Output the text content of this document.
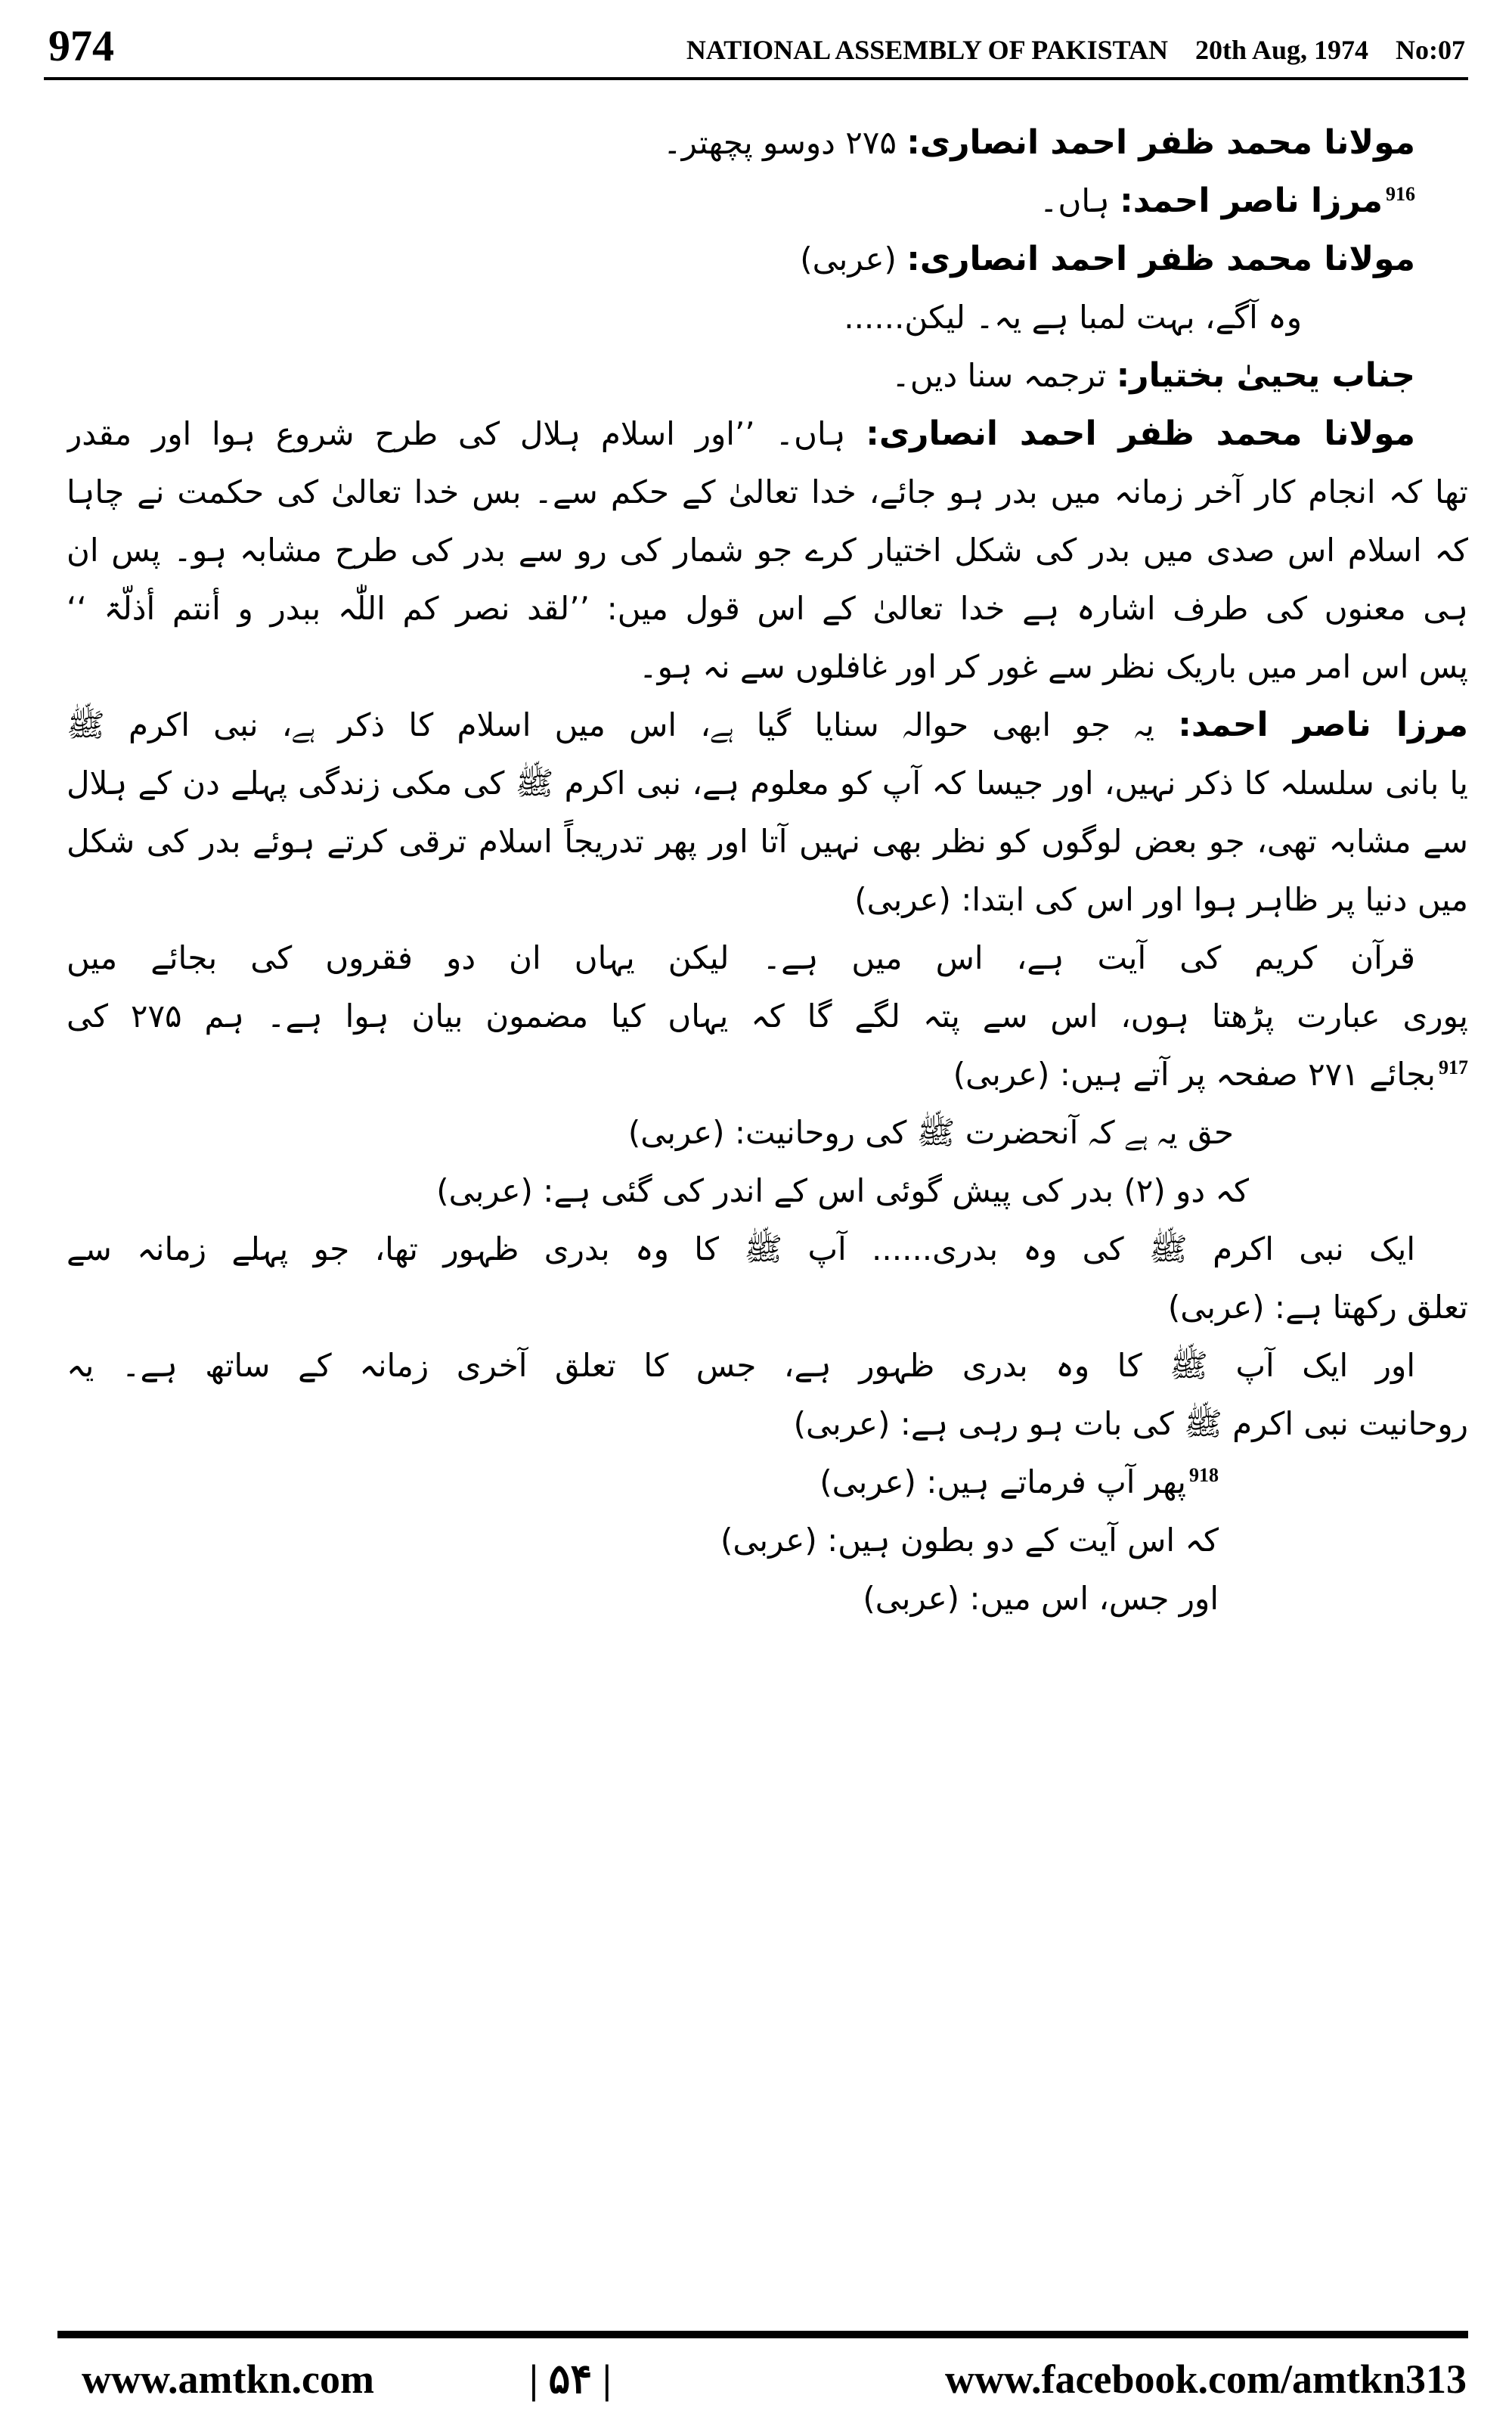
974	NATIONAL ASSEMBLY OF PAKISTAN 20th Aug, 1974 No:07
مولانا محمد ظفر احمد انصاری: ۲۷۵ دوسو پچھتر۔
$^{916}$مرزا ناصر احمد: ہاں۔
مولانا محمد ظفر احمد انصاری: (عربی)
وہ آگے، بہت لمبا ہے یہ۔ لیکن......
جناب یحییٰ بختیار: ترجمہ سنا دیں۔
مولانا محمد ظفر احمد انصاری: ہاں۔ ’’اور اسلام ہلال کی طرح شروع ہوا اور مقدر
تھا کہ انجام کار آخر زمانہ میں بدر ہو جائے، خدا تعالیٰ کے حکم سے۔ بس خدا تعالیٰ کی حکمت نے چاہا
کہ اسلام اس صدی میں بدر کی شکل اختیار کرے جو شمار کی رو سے بدر کی طرح مشابہ ہو۔ پس ان
ہی معنوں کی طرف اشارہ ہے خدا تعالیٰ کے اس قول میں: ’’لقد نصر کم اللّٰہ ببدر و أنتم أذلّۃ ‘‘
پس اس امر میں باریک نظر سے غور کر اور غافلوں سے نہ ہو۔
مرزا ناصر احمد: یہ جو ابھی حوالہ سنایا گیا ہے، اس میں اسلام کا ذکر ہے، نبی اکرم ﷺ
یا بانی سلسلہ کا ذکر نہیں، اور جیسا کہ آپ کو معلوم ہے، نبی اکرم ﷺ کی مکی زندگی پہلے دن کے ہلال
سے مشابہ تھی، جو بعض لوگوں کو نظر بھی نہیں آتا اور پھر تدریجاً اسلام ترقی کرتے ہوئے بدر کی شکل
میں دنیا پر ظاہر ہوا اور اس کی ابتدا: (عربی)
قرآن کریم کی آیت ہے، اس میں ہے۔ لیکن یہاں ان دو فقروں کی بجائے میں
پوری عبارت پڑھتا ہوں، اس سے پتہ لگے گا کہ یہاں کیا مضمون بیان ہوا ہے۔ ہم ۲۷۵ کی
$^{917}$بجائے ۲۷۱ صفحہ پر آتے ہیں: (عربی)
حق یہ ہے کہ آنحضرت ﷺ کی روحانیت: (عربی)
کہ دو (۲) بدر کی پیش گوئی اس کے اندر کی گئی ہے: (عربی)
ایک نبی اکرم ﷺ کی وہ بدری...... آپ ﷺ کا وہ بدری ظہور تھا، جو پہلے زمانہ سے
تعلق رکھتا ہے: (عربی)
اور ایک آپ ﷺ کا وہ بدری ظہور ہے، جس کا تعلق آخری زمانہ کے ساتھ ہے۔ یہ
روحانیت نبی اکرم ﷺ کی بات ہو رہی ہے: (عربی)
$^{918}$پھر آپ فرماتے ہیں: (عربی)
کہ اس آیت کے دو بطون ہیں: (عربی)
اور جس، اس میں: (عربی)
www.amtkn.com	| ۵۴ |	www.facebook.com/amtkn313
